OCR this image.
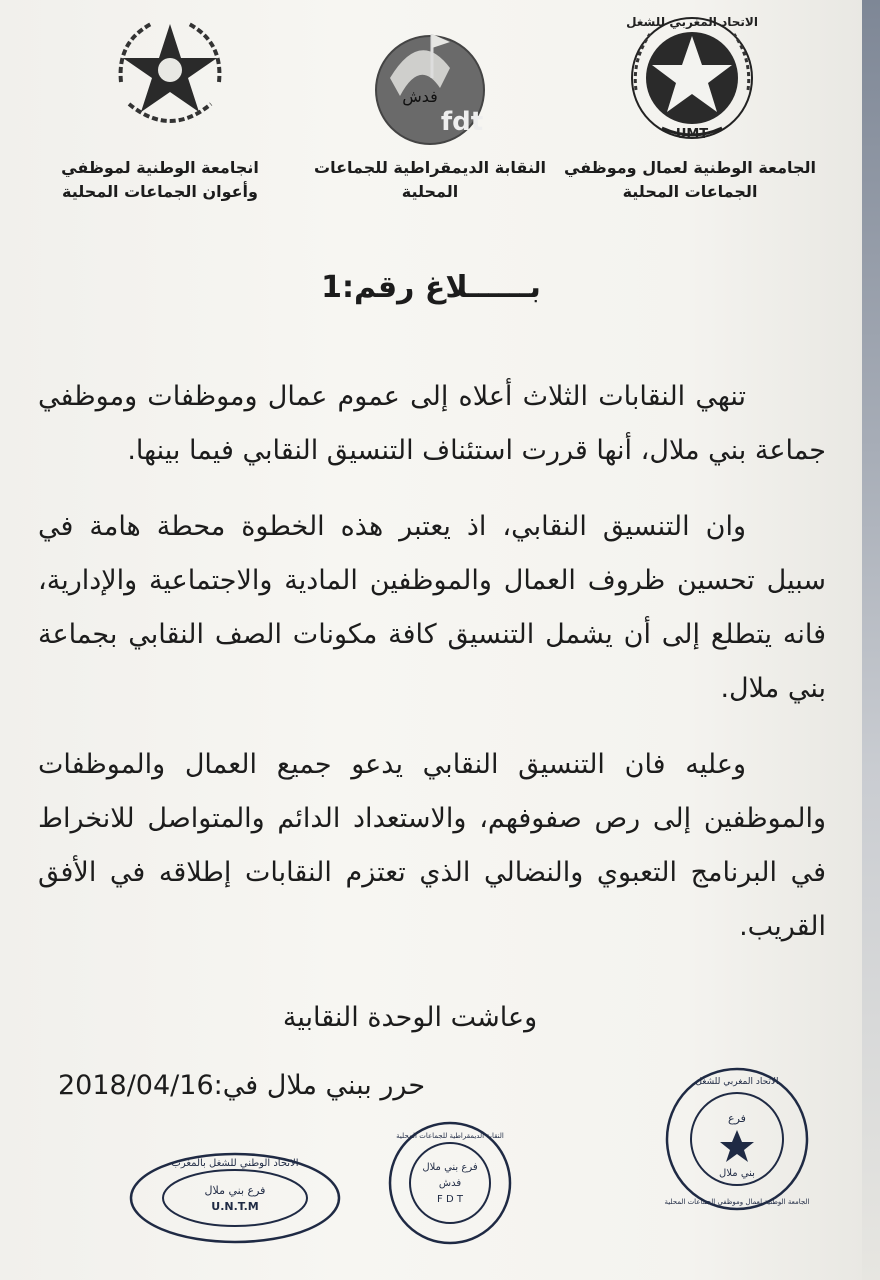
الاتحاد المغربي للشغل
UMT
فدش
fdt
الجامعة الوطنية لعمال وموظفي
الجماعات المحلية
النقابة الديمقراطية للجماعات
المحلية
انجامعة الوطنية لموظفي
وأعوان الجماعات المحلية
بــــــلاغ رقم:1

تنهي النقابات الثلاث أعلاه إلى عموم عمال وموظفات وموظفي جماعة بني ملال، أنها قررت استئناف التنسيق النقابي فيما بينها.

وان التنسيق النقابي، اذ يعتبر هذه الخطوة محطة هامة في سبيل تحسين ظروف العمال والموظفين المادية والاجتماعية والإدارية، فانه يتطلع إلى أن يشمل التنسيق كافة مكونات الصف النقابي بجماعة بني ملال.

وعليه فان التنسيق النقابي يدعو جميع العمال والموظفات والموظفين إلى رص صفوفهم، والاستعداد الدائم والمتواصل للانخراط في البرنامج التعبوي والنضالي الذي تعتزم النقابات إطلاقه في الأفق القريب.

وعاشت الوحدة النقابية
حرر ببني ملال في:2018/04/16
الاتحاد الوطني للشغل بالمغرب
فرع بني ملال
U.N.T.M
النقابة الديمقراطية للجماعات المحلية
فرع بني ملال
فدش
F D T
الاتحاد المغربي للشغل
فرع
بني ملال
الجامعة الوطنية لعمال وموظفي الجماعات المحلية
